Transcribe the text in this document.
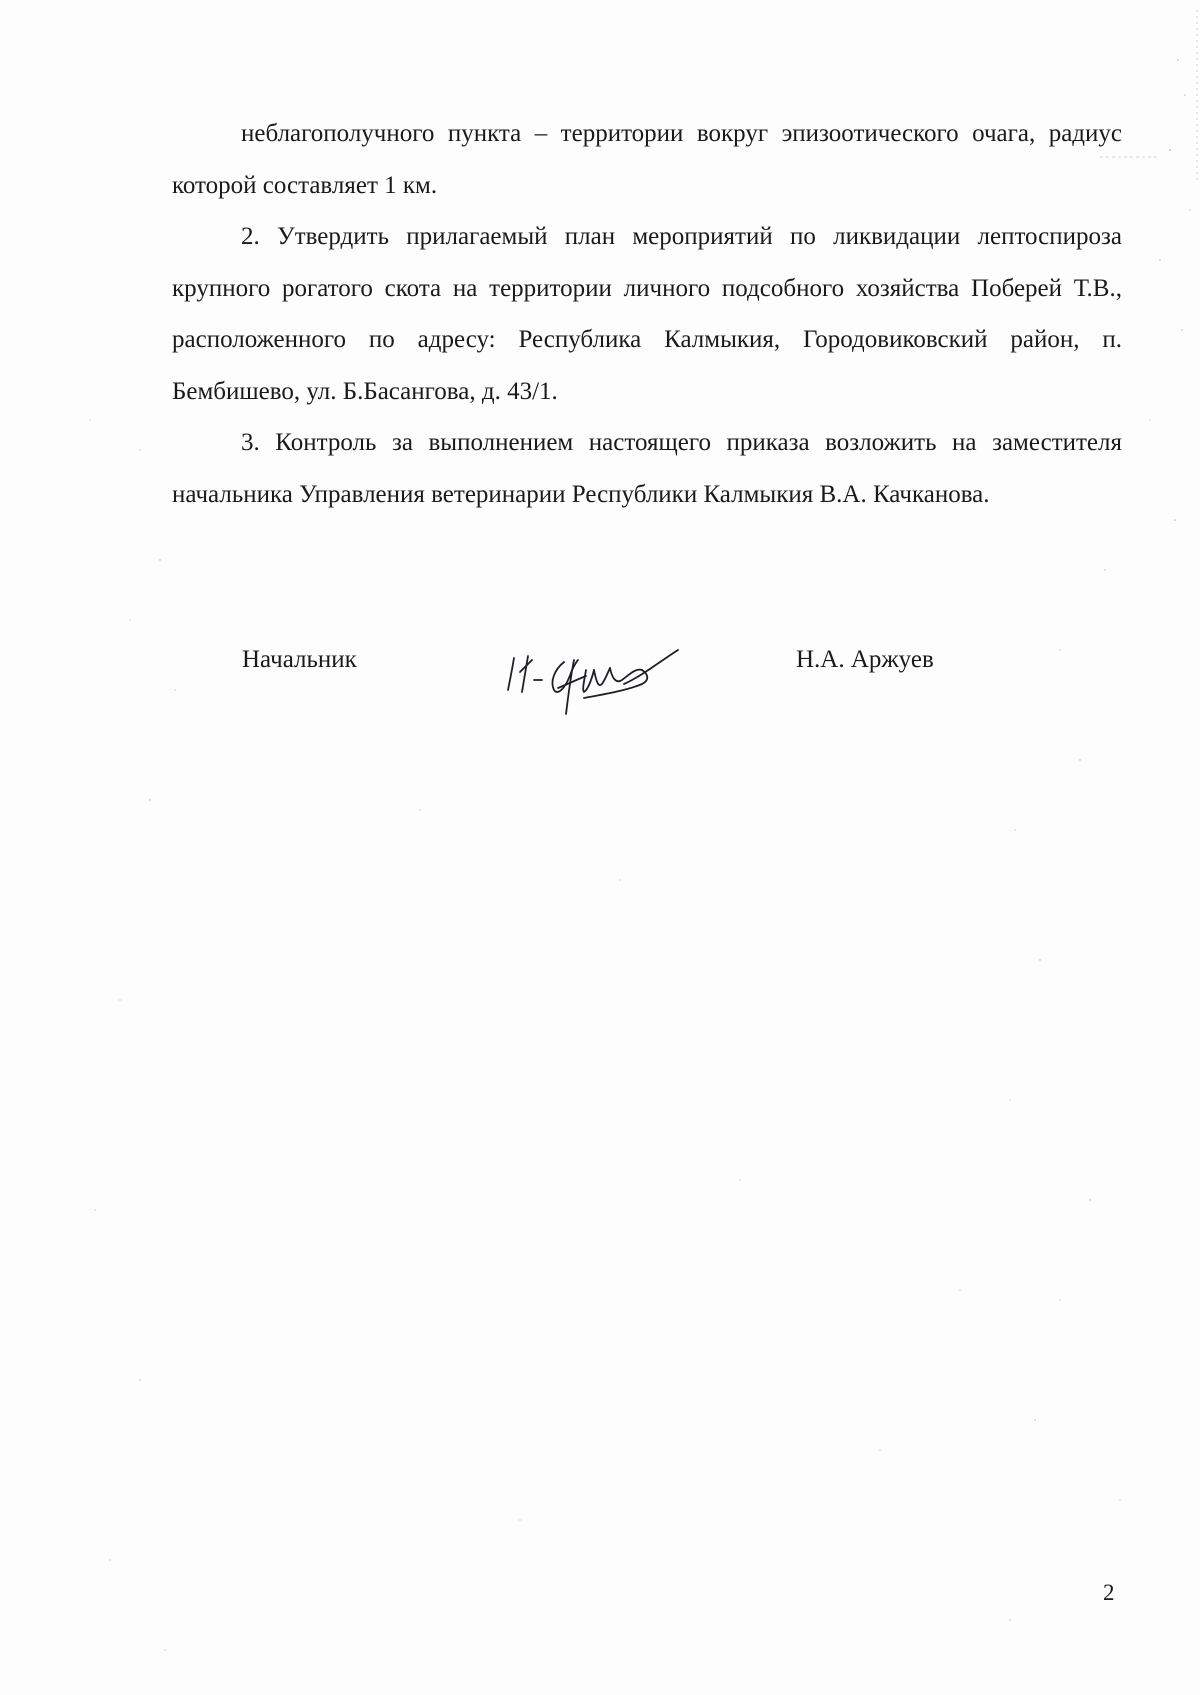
неблагополучного пункта – территории вокруг эпизоотического очага, радиус которой составляет 1 км.

2. Утвердить прилагаемый план мероприятий по ликвидации лептоспироза крупного рогатого скота на территории личного подсобного хозяйства Поберей Т.В., расположенного по адресу: Республика Калмыкия, Городовиковский район, п. Бембишево, ул. Б.Басангова, д. 43/1.

3. Контроль за выполнением настоящего приказа возложить на заместителя начальника Управления ветеринарии Республики Калмыкия В.А. Качканова.

Начальник	Н.А. Аржуев
2
